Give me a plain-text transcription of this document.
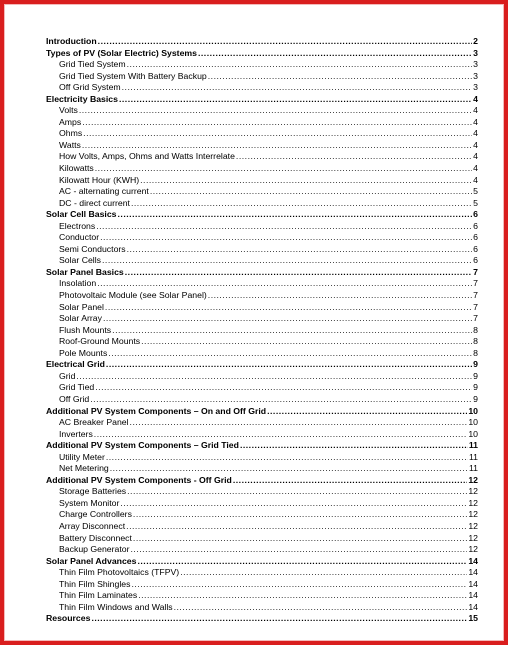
Introduction .....	2
Types of PV (Solar Electric) Systems .....	3
Grid Tied System .....	3
Grid Tied System With Battery Backup .....	3
Off Grid System .....	3
Electricity Basics .....	4
Volts .....	4
Amps .....	4
Ohms .....	4
Watts .....	4
How Volts, Amps, Ohms and Watts Interrelate .....	4
Kilowatts .....	4
Kilowatt Hour (KWH) .....	4
AC - alternating current .....	5
DC - direct current .....	5
Solar Cell Basics .....	6
Electrons .....	6
Conductor .....	6
Semi Conductors .....	6
Solar Cells .....	6
Solar Panel Basics .....	7
Insolation .....	7
Photovoltaic Module (see Solar Panel) .....	7
Solar Panel .....	7
Solar Array .....	7
Flush Mounts .....	8
Roof-Ground Mounts .....	8
Pole Mounts .....	8
Electrical Grid .....	9
Grid .....	9
Grid Tied .....	9
Off Grid .....	9
Additional PV System Components – On and Off Grid .....	10
AC Breaker Panel .....	10
Inverters .....	10
Additional PV System Components – Grid Tied .....	11
Utility Meter .....	11
Net Metering .....	11
Additional PV System Components - Off Grid .....	12
Storage Batteries .....	12
System Monitor .....	12
Charge Controllers .....	12
Array Disconnect .....	12
Battery Disconnect .....	12
Backup Generator .....	12
Solar Panel Advances .....	14
Thin Film Photovoltaics (TFPV) .....	14
Thin Film Shingles .....	14
Thin Film Laminates .....	14
Thin Film Windows and Walls .....	14
Resources .....	15
